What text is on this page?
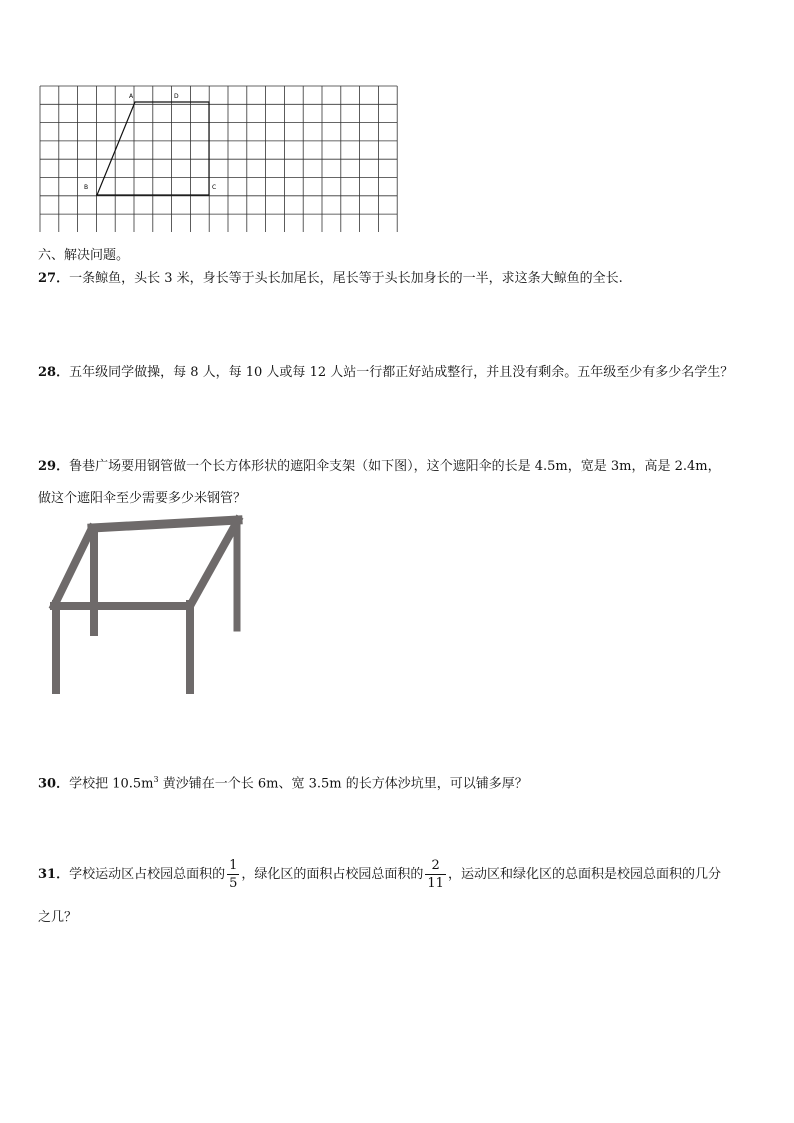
A	D
B	C
六、解决问题。
27．一条鲸鱼，头长 3 米，身长等于头长加尾长，尾长等于头长加身长的一半，求这条大鲸鱼的全长.
28．五年级同学做操，每 8 人，每 10 人或每 12 人站一行都正好站成整行，并且没有剩余。五年级至少有多少名学生？
29．鲁巷广场要用钢管做一个长方体形状的遮阳伞支架（如下图），这个遮阳伞的长是 4.5m，宽是 3m，高是 2.4m，
做这个遮阳伞至少需要多少米钢管？
30．学校把 $10.5m^3$ 黄沙铺在一个长 6m、宽 3.5m 的长方体沙坑里，可以铺多厚？
31．学校运动区占校园总面积的 $\frac{1}{5}$ ，绿化区的面积占校园总面积的 $\frac{2}{11}$ ，运动区和绿化区的总面积是校园总面积的几分
之几？
